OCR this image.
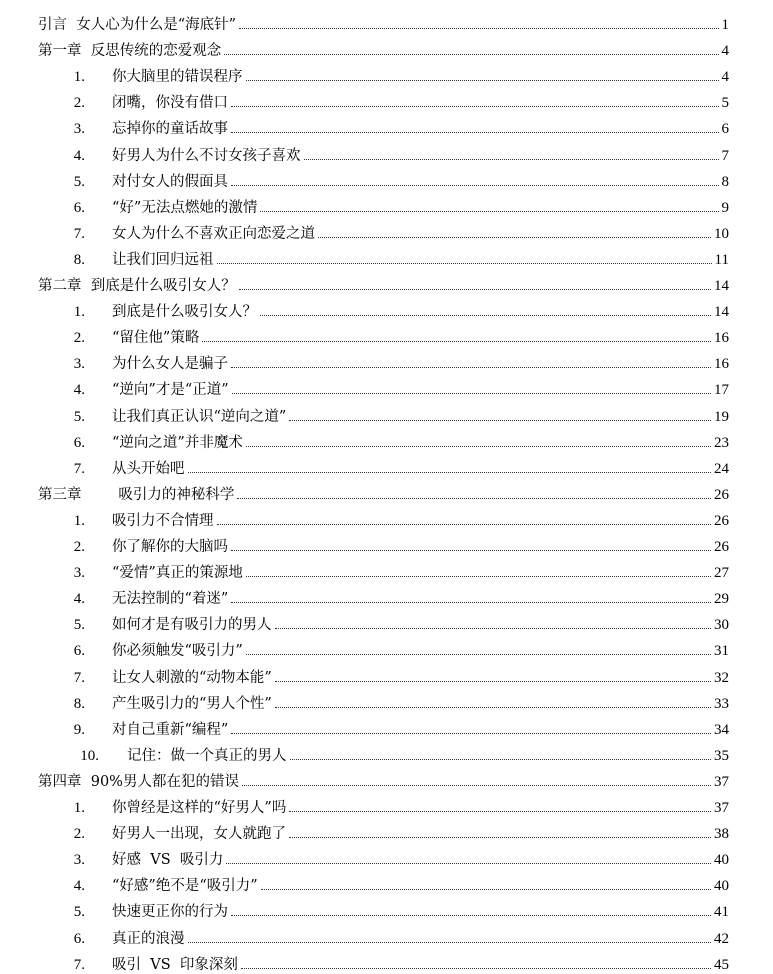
引言  女人心为什么是“海底针”	1
第一章  反思传统的恋爱观念	4
1.	你大脑里的错误程序	4
2.	闭嘴，你没有借口	5
3.	忘掉你的童话故事	6
4.	好男人为什么不讨女孩子喜欢	7
5.	对付女人的假面具	8
6.	“好”无法点燃她的激情	9
7.	女人为什么不喜欢正向恋爱之道	10
8.	让我们回归远祖	11
第二章  到底是什么吸引女人？	14
1.	到底是什么吸引女人？	14
2.	“留住他”策略	16
3.	为什么女人是骗子	16
4.	“逆向”才是“正道”	17
5.	让我们真正认识“逆向之道”	19
6.	“逆向之道”并非魔术	23
7.	从头开始吧	24
第三章        吸引力的神秘科学	26
1.	吸引力不合情理	26
2.	你了解你的大脑吗	26
3.	“爱情”真正的策源地	27
4.	无法控制的“着迷”	29
5.	如何才是有吸引力的男人	30
6.	你必须触发“吸引力”	31
7.	让女人刺激的“动物本能”	32
8.	产生吸引力的“男人个性”	33
9.	对自己重新“编程”	34
10.	记住：做一个真正的男人	35
第四章  90%男人都在犯的错误	37
1.	你曾经是这样的“好男人”吗	37
2.	好男人一出现，女人就跑了	38
3.	好感  VS  吸引力	40
4.	“好感”绝不是“吸引力”	40
5.	快速更正你的行为	41
6.	真正的浪漫	42
7.	吸引  VS  印象深刻	45
